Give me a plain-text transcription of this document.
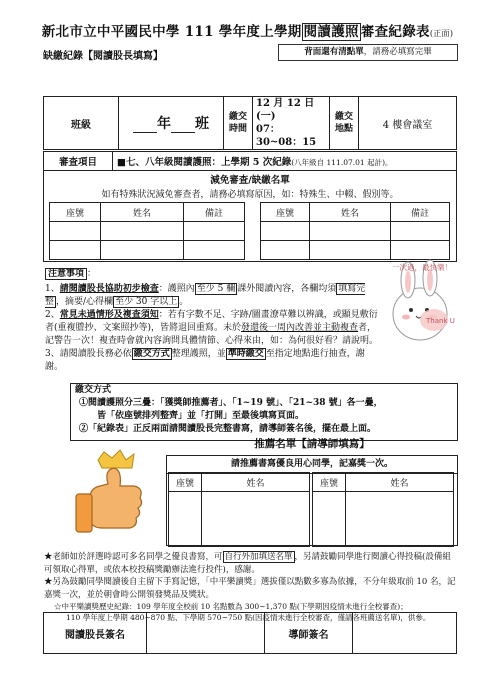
新北市立中平國民中學 111 學年度上學期 閱讀護照 審查紀錄表(正面)
缺繳紀錄【閱讀股長填寫】	背面還有清點單，請務必填寫完畢
班級	年 班	繳交時間	
12 月 12 日(一)
07：30~08：15
	繳交地點	4 樓會議室
審查項目	■七、八年級閱讀護照：上學期 5 次紀錄(八年級自 111.07.01 起計)。
減免審查/缺繳名單
如有特殊狀況減免審查者，請務必填寫原因，如：特殊生、中輟、假別等。
座號	姓名	備註

			座號	姓名	備註

Thank U
一次過，最快樂！
注意事項 ：
1、請閱讀股長協助初步檢查：護照內 至少 5 欄 課外閱讀內容，各欄均須 填寫完整 ，摘要/心得欄 至少 30 字以上 。
2、常見未過情形及複查須知：若有字數不足、字跡/圖畫潦草難以辨識，或顯見敷衍者(重複謄抄、文案照抄等)，皆將退回重寫。未於發還後一周內改善並主動複查者，記警告一次！複查時會就內容詢問具體情節、心得來由，如：為何很好看？請說明。
3、請閱讀股長務必依 繳交方式 整理護照，並 準時繳交 至指定地點進行抽查，謝謝。
繳交方式
①閱讀護照分三疊：「獲獎師推薦者」、「1~19 號」、「21~38 號」各一疊，
皆「依座號排列整齊」並「打開」至最後填寫頁面。
②「紀錄表」正反兩面請閱讀股長完整書寫，請導師簽名後，擺在最上面。
推薦名單【請導師填寫】
請推薦書寫優良用心同學，記嘉獎一次。
座號	姓名
		座號	姓名

★老師如於評選時認可多名同學之優良書寫，可 自行外加填送名單 ，另請鼓勵同學進行閱讀心得投稿(設備組可領取心得單，或依本校投稿獎勵辦法進行投件)，感謝。
★另為鼓勵同學閱讀後自主留下手寫記憶，「中平樂讀獎」選拔僅以點數多寡為依據，不分年級取前 10 名，記嘉獎一次，並於朝會時公開領發獎品及獎狀。
☆中平樂讀獎歷史紀錄：109 學年度全校前 10 名點數為 300~1,370 點(下學期因疫情未進行全校審查)；
110 學年度上學期 480~870 點、下學期 570~750 點(因疫情未進行全校審查，僅請各班薦送名單)，供參。
閱讀股長簽名		導師簽名	
